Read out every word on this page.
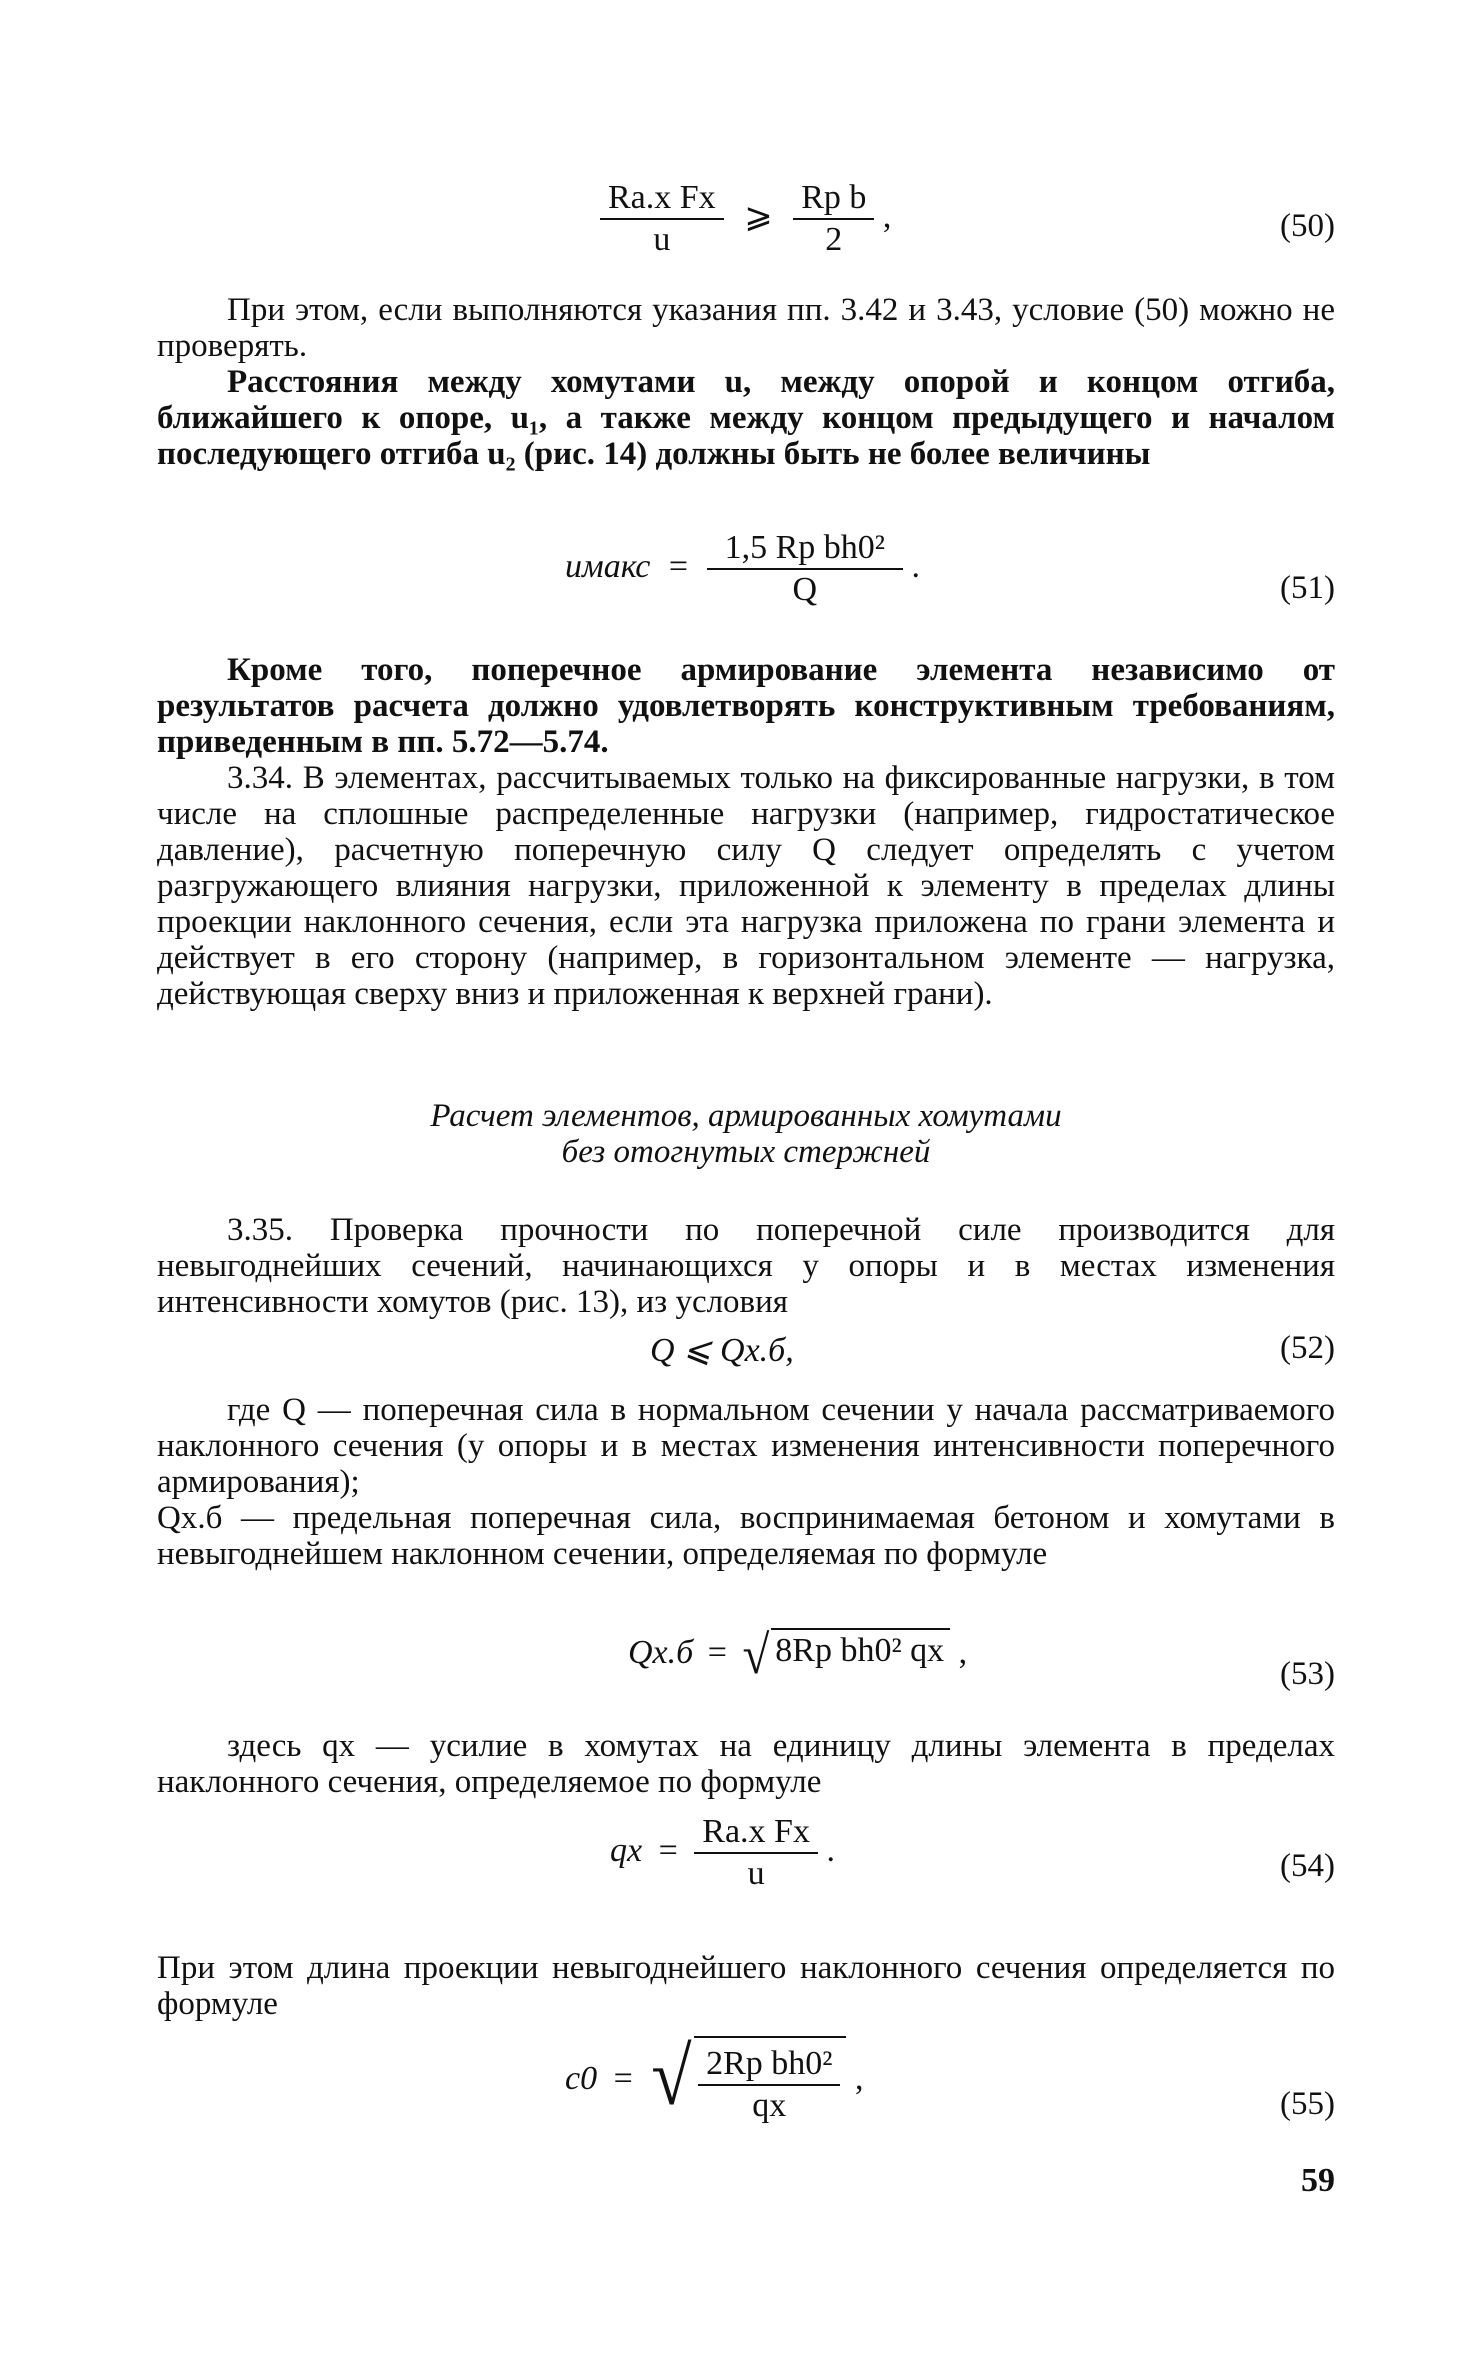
$\frac{\text{Rа.х Fх}}{u}$ ⩾ $\frac{\text{Rр b}}{2}$ ,	(50)
При этом, если выполняются указания пп. 3.42 и 3.43, условие (50) можно не проверять.
Расстояния между хомутами u, между опорой и концом отгиба, ближайшего к опоре, u₁, а также между концом предыдущего и началом последующего отгиба u₂ (рис. 14) должны быть не более величины
uмакс = $\frac{\text{1,5 Rр bh0²}}{Q}$ .
(51)
Кроме того, поперечное армирование элемента независимо от результатов расчета должно удовлетворять конструктивным требованиям, приведенным в пп. 5.72—5.74.
3.34. В элементах, рассчитываемых только на фиксированные нагрузки, в том числе на сплошные распределенные нагрузки (например, гидростатическое давление), расчетную поперечную силу Q следует определять с учетом разгружающего влияния нагрузки, приложенной к элементу в пределах длины проекции наклонного сечения, если эта нагрузка приложена по грани элемента и действует в его сторону (например, в горизонтальном элементе — нагрузка, действующая сверху вниз и приложенная к верхней грани).
Расчет элементов, армированных хомутами
без отогнутых стержней
3.35. Проверка прочности по поперечной силе производится для невыгоднейших сечений, начинающихся у опоры и в местах изменения интенсивности хомутов (рис. 13), из условия
Q ⩽ Qх.б,	(52)
где Q — поперечная сила в нормальном сечении у начала рассматриваемого наклонного сечения (у опоры и в местах изменения интенсивности поперечного армирования);
Qх.б — предельная поперечная сила, воспринимаемая бетоном и хомутами в невыгоднейшем наклонном сечении, определяемая по формуле
Qх.б = √ 8Rр bh0² qх ,
(53)
здесь qх — усилие в хомутах на единицу длины элемента в пределах наклонного сечения, определяемое по формуле
qх = $\frac{\text{Rа.х Fх}}{u}$ .	(54)
При этом длина проекции невыгоднейшего наклонного сечения определяется по формуле
c0 = √ $\frac{\text{2Rр bh0²}}{qх}$ ,
(55)
59
